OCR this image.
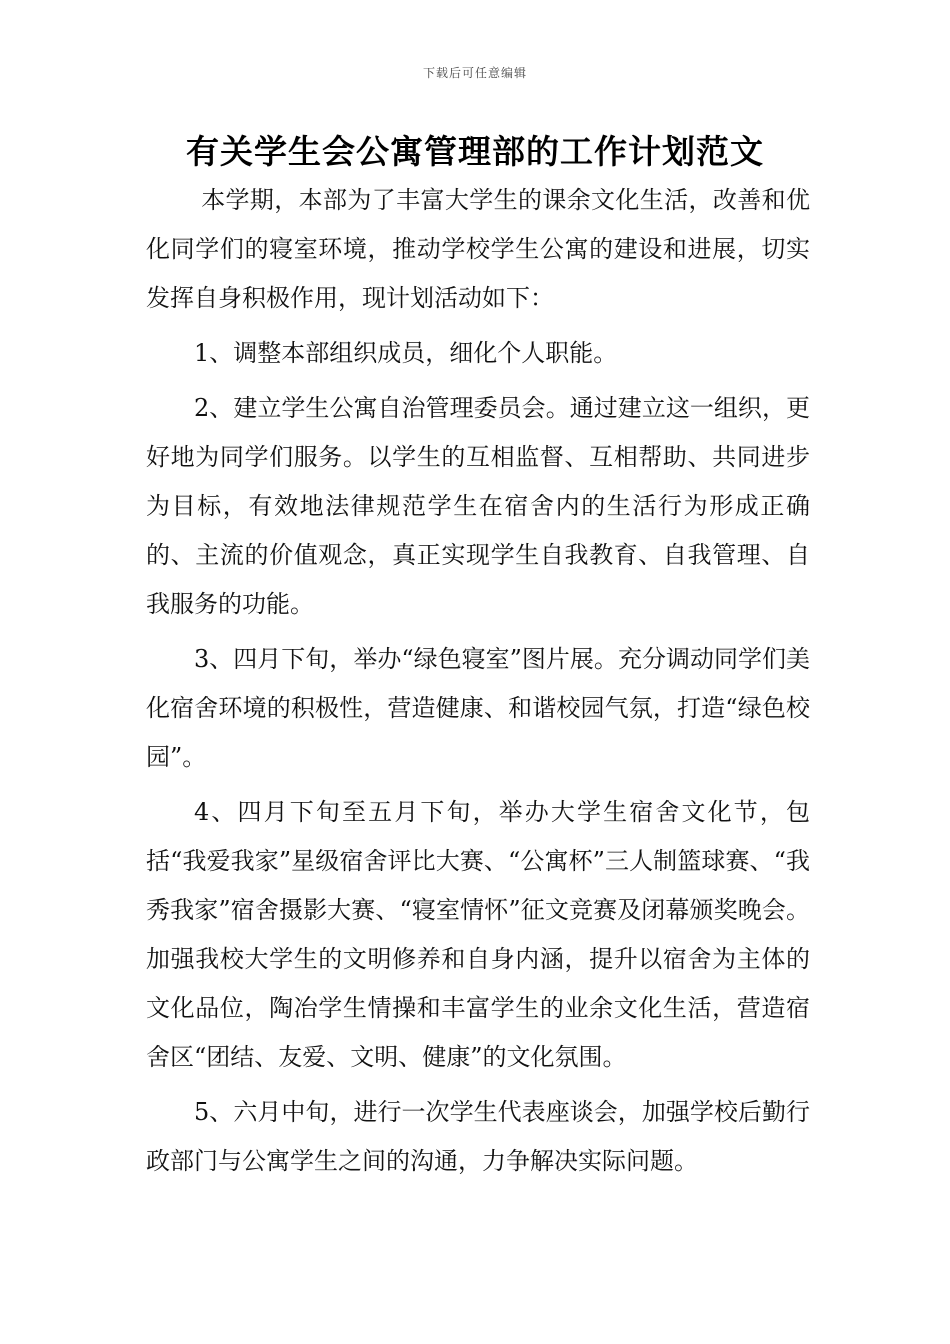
下载后可任意编辑
有关学生会公寓管理部的工作计划范文

本学期，本部为了丰富大学生的课余文化生活，改善和优化同学们的寝室环境，推动学校学生公寓的建设和进展，切实发挥自身积极作用，现计划活动如下：

1、调整本部组织成员，细化个人职能。

2、建立学生公寓自治管理委员会。通过建立这一组织，更好地为同学们服务。以学生的互相监督、互相帮助、共同进步为目标，有效地法律规范学生在宿舍内的生活行为形成正确的、主流的价值观念，真正实现学生自我教育、自我管理、自我服务的功能。

3、四月下旬，举办“绿色寝室”图片展。充分调动同学们美化宿舍环境的积极性，营造健康、和谐校园气氛，打造“绿色校园”。

4、四月下旬至五月下旬，举办大学生宿舍文化节，包括“我爱我家”星级宿舍评比大赛、“公寓杯”三人制篮球赛、“我秀我家”宿舍摄影大赛、“寝室情怀”征文竞赛及闭幕颁奖晚会。加强我校大学生的文明修养和自身内涵，提升以宿舍为主体的文化品位，陶冶学生情操和丰富学生的业余文化生活，营造宿舍区“团结、友爱、文明、健康”的文化氛围。

5、六月中旬，进行一次学生代表座谈会，加强学校后勤行政部门与公寓学生之间的沟通，力争解决实际问题。
